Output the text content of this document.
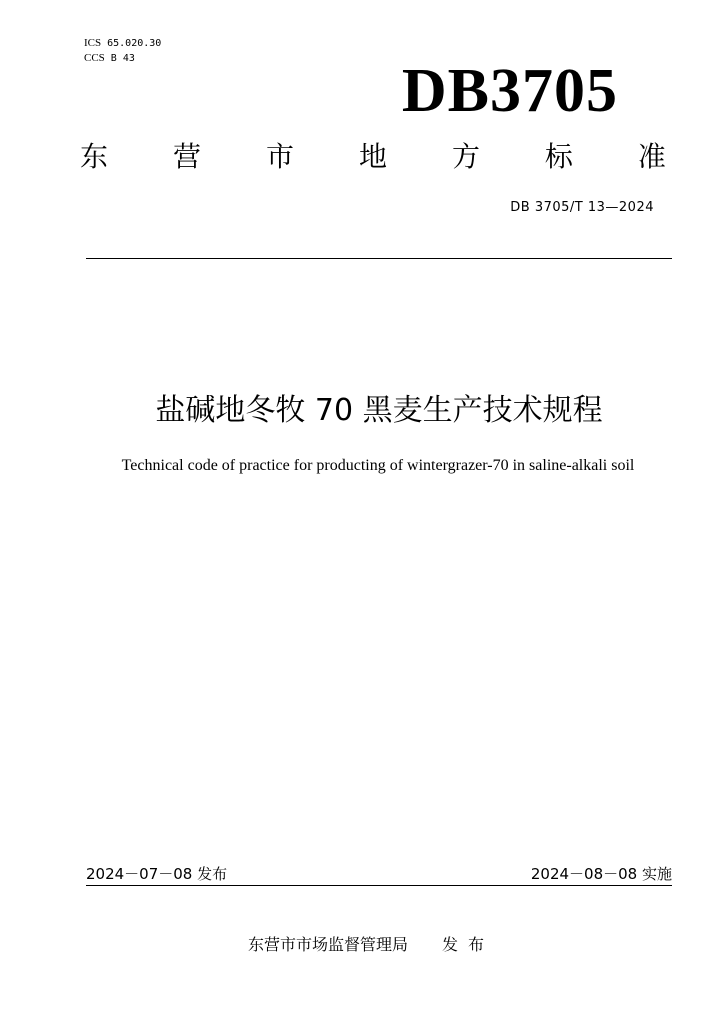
ICS 65.020.30
CCS B 43	DB3705
东 营 市 地 方 标 准
DB 3705/T 13—2024
盐碱地冬牧 70 黑麦生产技术规程
Technical code of practice for producting of wintergrazer-70 in saline-alkali soil
2024－07－08 发布	2024－08－08 实施
东营市市场监督管理局 发布
